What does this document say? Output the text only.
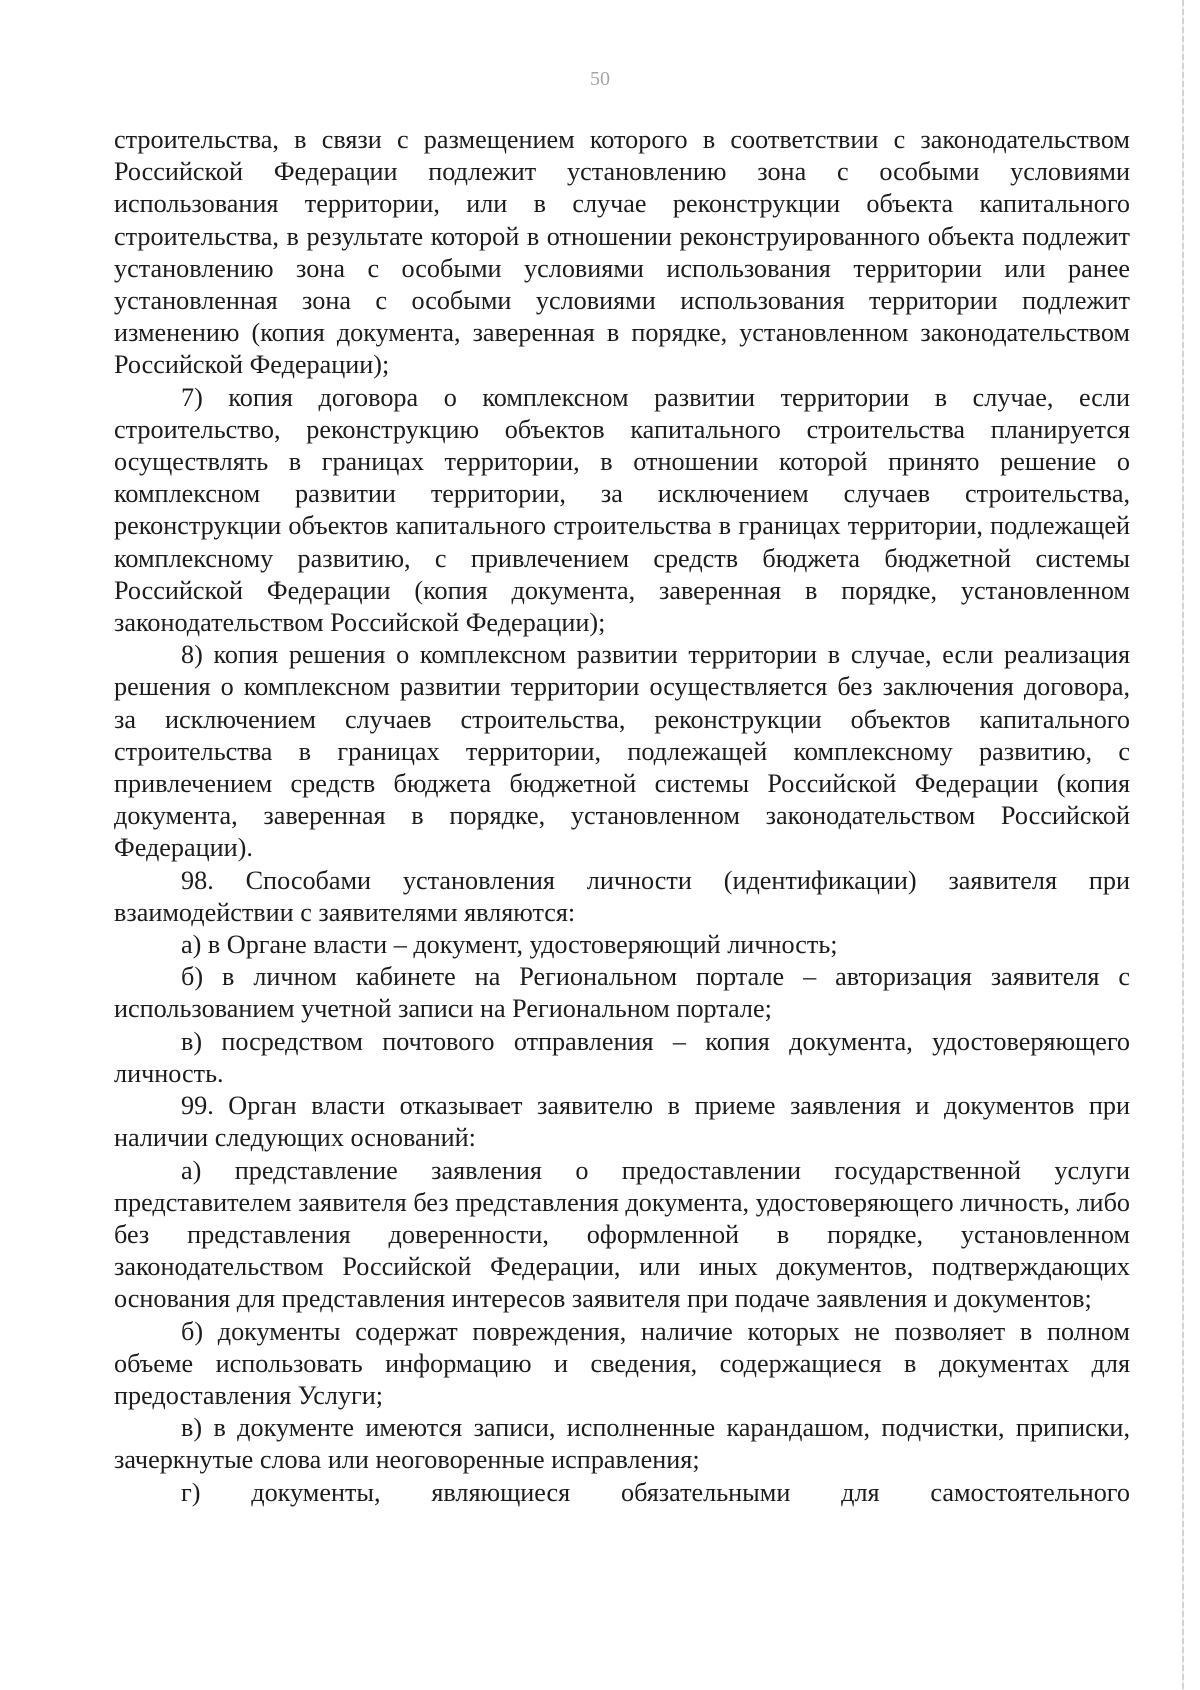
50

строительства, в связи с размещением которого в соответствии с законодательством Российской Федерации подлежит установлению зона с особыми условиями использования территории, или в случае реконструкции объекта капитального строительства, в результате которой в отношении реконструированного объекта подлежит установлению зона с особыми условиями использования территории или ранее установленная зона с особыми условиями использования территории подлежит изменению (копия документа, заверенная в порядке, установленном законодательством Российской Федерации);

7) копия договора о комплексном развитии территории в случае, если строительство, реконструкцию объектов капитального строительства планируется осуществлять в границах территории, в отношении которой принято решение о комплексном развитии территории, за исключением случаев строительства, реконструкции объектов капитального строительства в границах территории, подлежащей комплексному развитию, с привлечением средств бюджета бюджетной системы Российской Федерации (копия документа, заверенная в порядке, установленном законодательством Российской Федерации);

8) копия решения о комплексном развитии территории в случае, если реализация решения о комплексном развитии территории осуществляется без заключения договора, за исключением случаев строительства, реконструкции объектов капитального строительства в границах территории, подлежащей комплексному развитию, с привлечением средств бюджета бюджетной системы Российской Федерации (копия документа, заверенная в порядке, установленном законодательством Российской Федерации).

98. Способами установления личности (идентификации) заявителя при взаимодействии с заявителями являются:

а) в Органе власти – документ, удостоверяющий личность;

б) в личном кабинете на Региональном портале – авторизация заявителя с использованием учетной записи на Региональном портале;

в) посредством почтового отправления – копия документа, удостоверяющего личность.

99. Орган власти отказывает заявителю в приеме заявления и документов при наличии следующих оснований:

а) представление заявления о предоставлении государственной услуги представителем заявителя без представления документа, удостоверяющего личность, либо без представления доверенности, оформленной в порядке, установленном законодательством Российской Федерации, или иных документов, подтверждающих основания для представления интересов заявителя при подаче заявления и документов;

б) документы содержат повреждения, наличие которых не позволяет в полном объеме использовать информацию и сведения, содержащиеся в документах для предоставления Услуги;

в) в документе имеются записи, исполненные карандашом, подчистки, приписки, зачеркнутые слова или неоговоренные исправления;

г) документы, являющиеся обязательными для самостоятельного
